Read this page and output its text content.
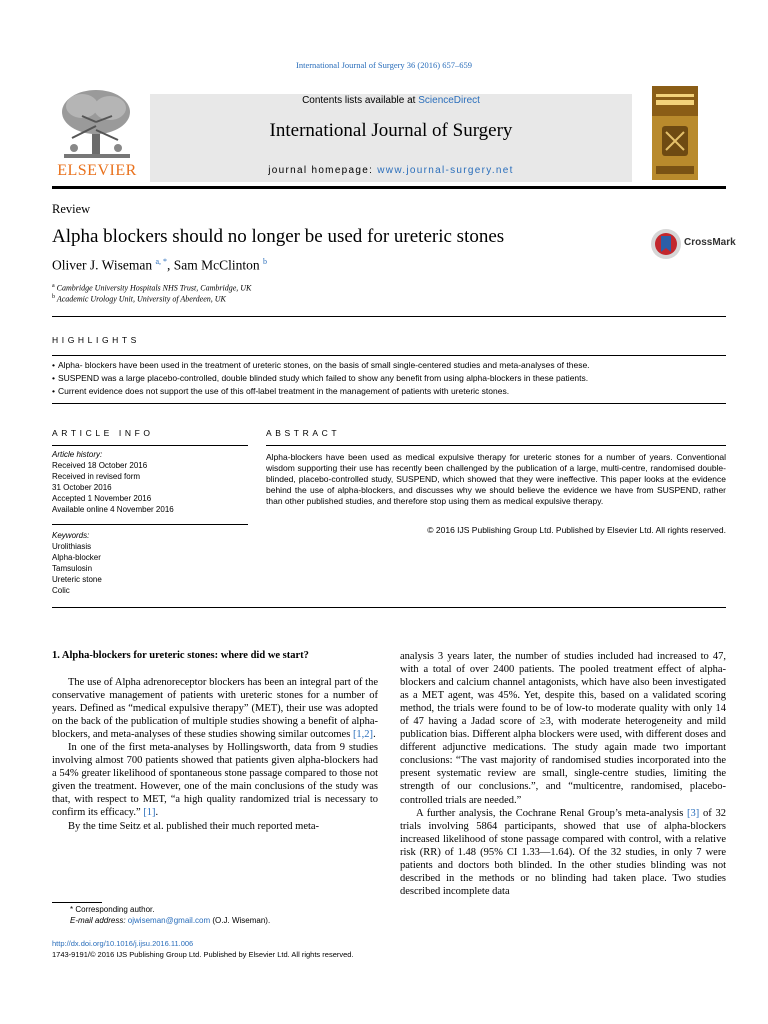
International Journal of Surgery 36 (2016) 657–659
ELSEVIER
Contents lists available at ScienceDirect
International Journal of Surgery
journal homepage: www.journal-surgery.net
Review
Alpha blockers should no longer be used for ureteric stones	CrossMark
Oliver J. Wiseman $^{a, *}$, Sam McClinton $^b$
$^a$ Cambridge University Hospitals NHS Trust, Cambridge, UK
$^b$ Academic Urology Unit, University of Aberdeen, UK
HIGHLIGHTS
• Alpha- blockers have been used in the treatment of ureteric stones, on the basis of small single-centered studies and meta-analyses of these.
• SUSPEND was a large placebo-controlled, double blinded study which failed to show any benefit from using alpha-blockers in these patients.
• Current evidence does not support the use of this off-label treatment in the management of patients with ureteric stones.
ARTICLE INFO
Article history:
Received 18 October 2016
Received in revised form
31 October 2016
Accepted 1 November 2016
Available online 4 November 2016
Keywords:
Urolithiasis
Alpha-blocker
Tamsulosin
Ureteric stone
Colic
ABSTRACT
Alpha-blockers have been used as medical expulsive therapy for ureteric stones for a number of years. Conventional wisdom supporting their use has recently been challenged by the publication of a large, multi-centre, randomised double-blinded, placebo-controlled study, SUSPEND, which showed that they were ineffective. This paper looks at the evidence behind the use of alpha-blockers, and discusses why we should believe the evidence we have from SUSPEND, rather than other published studies, and therefore stop using them as medical expulsive therapy.
© 2016 IJS Publishing Group Ltd. Published by Elsevier Ltd. All rights reserved.
1. Alpha-blockers for ureteric stones: where did we start?

The use of Alpha adrenoreceptor blockers has been an integral part of the conservative management of patients with ureteric stones for a number of years. Defined as “medical expulsive therapy” (MET), their use was adopted on the back of the publication of multiple studies showing a benefit of alpha-blockers, and meta-analyses of these studies showing similar outcomes [1,2].

In one of the first meta-analyses by Hollingsworth, data from 9 studies involving almost 700 patients showed that patients given alpha-blockers had a 54% greater likelihood of spontaneous stone passage compared to those not given the treatment. However, one of the main conclusions of the study was that, with respect to MET, “a high quality randomized trial is necessary to confirm its efficacy.” [1].

By the time Seitz et al. published their much reported meta-

analysis 3 years later, the number of studies included had increased to 47, with a total of over 2400 patients. The pooled treatment effect of alpha-blockers and calcium channel antagonists, which have also been investigated as a MET agent, was 45%. Yet, despite this, based on a validated scoring method, the trials were found to be of low-to moderate quality with only 14 of 47 having a Jadad score of ≥3, with moderate heterogeneity and mild publication bias. Different alpha blockers were used, with different doses and different adjunctive medications. The study again made two important conclusions: “The vast majority of randomised studies incorporated into the present systematic review are small, single-centre studies, limiting the strength of our conclusions.”, and “multicentre, randomised, placebo-controlled trials are needed.”

A further analysis, the Cochrane Renal Group’s meta-analysis [3] of 32 trials involving 5864 participants, showed that use of alpha-blockers increased likelihood of stone passage compared with control, with a relative risk (RR) of 1.48 (95% CI 1.33—1.64). Of the 32 studies, in only 7 were patients and doctors both blinded. In the other studies blinding was not described in the methods or no blinding had taken place. Two studies described incomplete data

* Corresponding author.
E-mail address: ojwiseman@gmail.com (O.J. Wiseman).
http://dx.doi.org/10.1016/j.ijsu.2016.11.006
1743-9191/© 2016 IJS Publishing Group Ltd. Published by Elsevier Ltd. All rights reserved.
